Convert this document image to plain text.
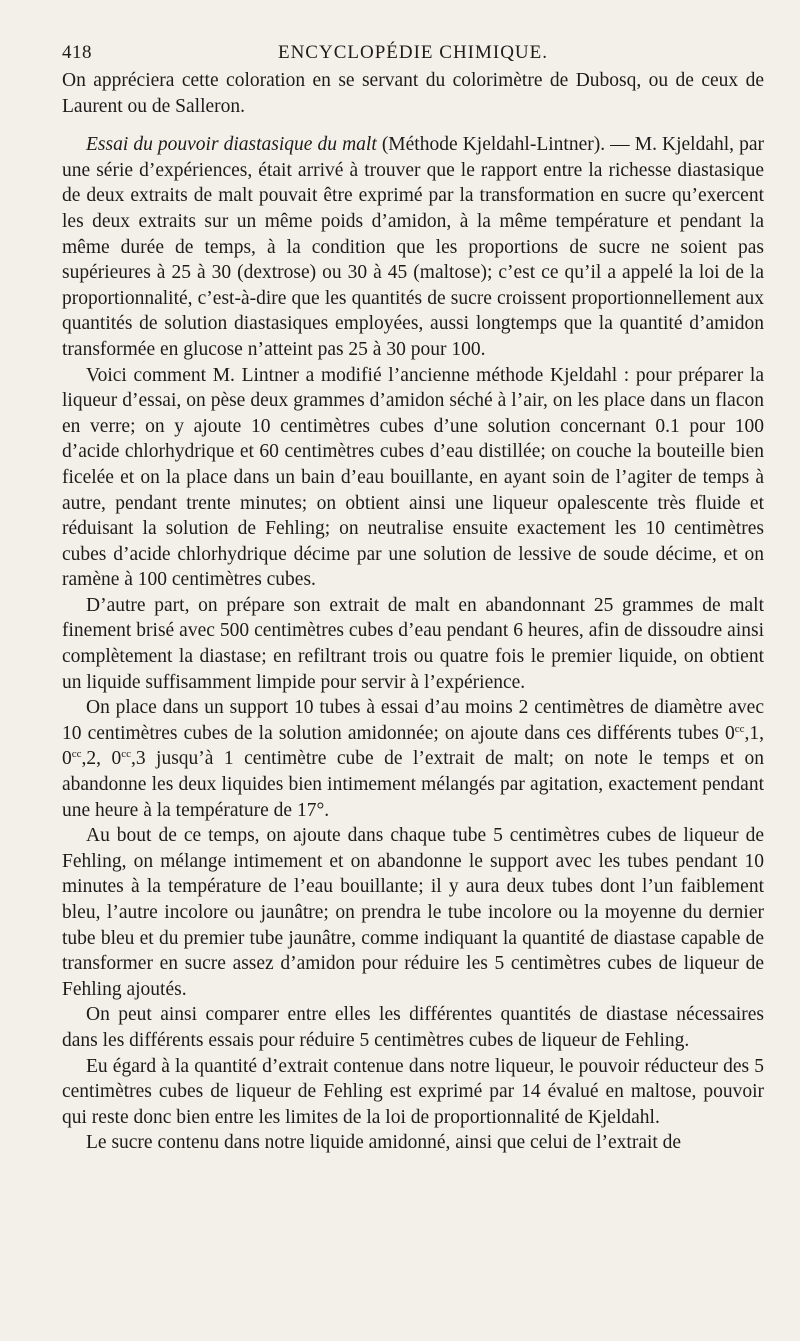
418	ENCYCLOPÉDIE CHIMIQUE.

On appréciera cette coloration en se servant du colorimètre de Dubosq, ou de ceux de Laurent ou de Salleron.

Essai du pouvoir diastasique du malt (Méthode Kjeldahl-Lintner). — M. Kjeldahl, par une série d’expériences, était arrivé à trouver que le rapport entre la richesse diastasique de deux extraits de malt pouvait être exprimé par la transformation en sucre qu’exercent les deux extraits sur un même poids d’amidon, à la même température et pendant la même durée de temps, à la condition que les proportions de sucre ne soient pas supérieures à 25 à 30 (dextrose) ou 30 à 45 (maltose); c’est ce qu’il a appelé la loi de la proportionnalité, c’est-à-dire que les quantités de sucre croissent proportionnellement aux quantités de solution diastasiques employées, aussi longtemps que la quantité d’amidon transformée en glucose n’atteint pas 25 à 30 pour 100.

Voici comment M. Lintner a modifié l’ancienne méthode Kjeldahl : pour préparer la liqueur d’essai, on pèse deux grammes d’amidon séché à l’air, on les place dans un flacon en verre; on y ajoute 10 centimètres cubes d’une solution concernant 0.1 pour 100 d’acide chlorhydrique et 60 centimètres cubes d’eau distillée; on couche la bouteille bien ficelée et on la place dans un bain d’eau bouillante, en ayant soin de l’agiter de temps à autre, pendant trente minutes; on obtient ainsi une liqueur opalescente très fluide et réduisant la solution de Fehling; on neutralise ensuite exactement les 10 centimètres cubes d’acide chlorhydrique décime par une solution de lessive de soude décime, et on ramène à 100 centimètres cubes.

D’autre part, on prépare son extrait de malt en abandonnant 25 grammes de malt finement brisé avec 500 centimètres cubes d’eau pendant 6 heures, afin de dissoudre ainsi complètement la diastase; en refiltrant trois ou quatre fois le premier liquide, on obtient un liquide suffisamment limpide pour servir à l’expérience.

On place dans un support 10 tubes à essai d’au moins 2 centimètres de diamètre avec 10 centimètres cubes de la solution amidonnée; on ajoute dans ces différents tubes $0^{cc},1$, $0^{cc},2$, $0^{cc},3$ jusqu’à 1 centimètre cube de l’extrait de malt; on note le temps et on abandonne les deux liquides bien intimement mélangés par agitation, exactement pendant une heure à la température de 17°.

Au bout de ce temps, on ajoute dans chaque tube 5 centimètres cubes de liqueur de Fehling, on mélange intimement et on abandonne le support avec les tubes pendant 10 minutes à la température de l’eau bouillante; il y aura deux tubes dont l’un faiblement bleu, l’autre incolore ou jaunâtre; on prendra le tube incolore ou la moyenne du dernier tube bleu et du premier tube jaunâtre, comme indiquant la quantité de diastase capable de transformer en sucre assez d’amidon pour réduire les 5 centimètres cubes de liqueur de Fehling ajoutés.

On peut ainsi comparer entre elles les différentes quantités de diastase nécessaires dans les différents essais pour réduire 5 centimètres cubes de liqueur de Fehling.

Eu égard à la quantité d’extrait contenue dans notre liqueur, le pouvoir réducteur des 5 centimètres cubes de liqueur de Fehling est exprimé par 14 évalué en maltose, pouvoir qui reste donc bien entre les limites de la loi de proportionnalité de Kjeldahl.

Le sucre contenu dans notre liquide amidonné, ainsi que celui de l’extrait de
